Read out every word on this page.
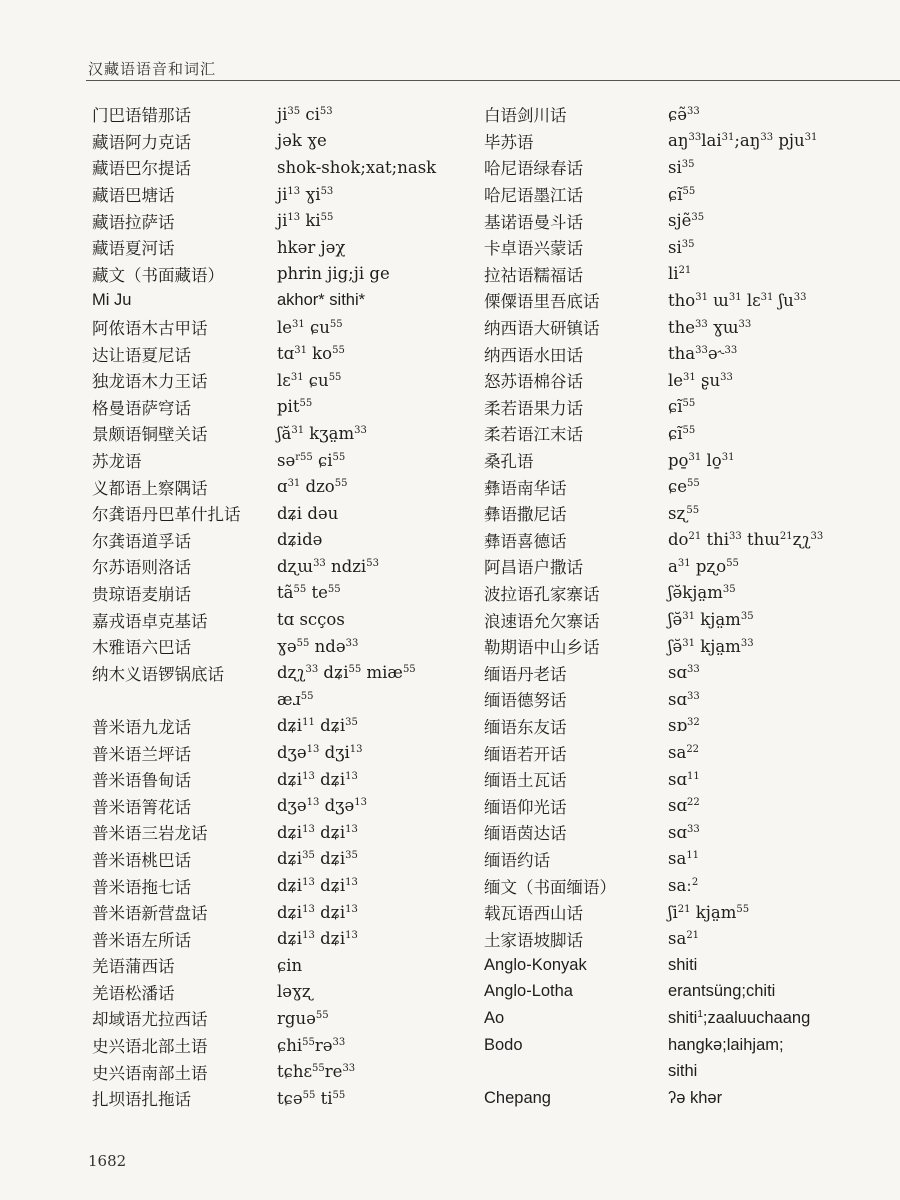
汉藏语语音和词汇
门巴语错那话	$ji^{35}$ $ci^{53}$
藏语阿力克话	jək ɣe
藏语巴尔提话	shok-shok;xat;nask
藏语巴塘话	$ji^{13}$ ɣi$^{53}$
藏语拉萨话	$ji^{13}$ $ki^{55}$
藏语夏河话	hkər jəχ
藏文（书面藏语）	phrin jig;ji ge
Mi Ju	akhor* sithi*
阿侬语木古甲话	$le^{31}$ ɕu$^{55}$
达让语夏尼话	tɑ$^{31}$ $ko^{55}$
独龙语木力王话	lɛ$^{31}$ ɕu$^{55}$
格曼语萨穹话	pit$^{55}$
景颇语铜壁关话	ʃă$^{31}$ $kʒa̤m^{33}$
苏龙语	sə$^{r55}$ ɕi$^{55}$
义都语上察隅话	ɑ$^{31}$ dzo$^{55}$
尔龚语丹巴革什扎话	dʑi dəu
尔龚语道孚话	dʑidə
尔苏语则洛话	dʐɯ$^{33}$ ndzi$^{53}$
贵琼语麦崩话	$tã^{55}$ $te^{55}$
嘉戎语卓克基话	tɑ scços
木雅语六巴话	ɣə$^{55}$ ndə$^{33}$
纳木义语锣锅底话	dʐʅ$^{33}$ dʑi$^{55}$ miæ$^{55}$
æɹ$^{55}$
普米语九龙话	dʑi$^{11}$ dʑi$^{35}$
普米语兰坪话	dʒə$^{13}$ dʒi$^{13}$
普米语鲁甸话	dʑi$^{13}$ dʑi$^{13}$
普米语箐花话	dʒə$^{13}$ dʒə$^{13}$
普米语三岩龙话	dʑi$^{13}$ dʑi$^{13}$
普米语桃巴话	dʑi$^{35}$ dʑi$^{35}$
普米语拖七话	dʑi$^{13}$ dʑi$^{13}$
普米语新营盘话	dʑi$^{13}$ dʑi$^{13}$
普米语左所话	dʑi$^{13}$ dʑi$^{13}$
羌语蒲西话	ɕin
羌语松潘话	ləɣʐ
却域语尤拉西话	rguə$^{55}$
史兴语北部土语	ɕhi$^{55}$rə$^{33}$
史兴语南部土语	$tɕhɛ^{55}re^{33}$
扎坝语扎拖话	tɕə$^{55}$ $ti^{55}$
白语剑川话	ɕə̃$^{33}$
毕苏语	$aŋ^{33}lai^{31};aŋ^{33}$ pju$^{31}$
哈尼语绿春话	$si^{35}$
哈尼语墨江话	ɕĩ$^{55}$
基诺语曼斗话	sjẽ$^{35}$
卡卓语兴蒙话	$si^{35}$
拉祜语糯福话	$li^{21}$
傈僳语里吾底话	tho$^{31}$ ɯ$^{31}$ lɛ$^{31}$ ʃu$^{33}$
纳西语大研镇话	the$^{33}$ ɣɯ$^{33}$
纳西语水田话	tha$^{33}$ə˞$^{33}$
怒苏语棉谷话	$le^{31}$ ʂu$^{33}$
柔若语果力话	ɕĩ$^{55}$
柔若语江末话	ɕĩ$^{55}$
桑孔语	po̱$^{31}$ lo̱$^{31}$
彝语南华话	ɕe$^{55}$
彝语撒尼话	sʐ$^{55}$
彝语喜德话	$do^{21}$ thi$^{33}$ thɯ$^{21}$ʐʅ$^{33}$
阿昌语户撒话	$a^{31}$ pʐo$^{55}$
波拉语孔家寨话	$ʃə̆kja̤m^{35}$
浪速语允欠寨话	ʃə̆$^{31}$ $kja̤m^{35}$
勒期语中山乡话	ʃə̆$^{31}$ $kja̤m^{33}$
缅语丹老话	sɑ$^{33}$
缅语德努话	sɑ$^{33}$
缅语东友话	sɒ$^{32}$
缅语若开话	$sa^{22}$
缅语土瓦话	sɑ$^{11}$
缅语仰光话	sɑ$^{22}$
缅语茵达话	sɑ$^{33}$
缅语约话	$sa^{11}$
缅文（书面缅语）	saː$^2$
载瓦语西山话	ʃi$^{21}$ $kja̤m^{55}$
土家语坡脚话	$sa^{21}$
Anglo-Konyak	shiti
Anglo-Lotha	erantsüng;chiti
Ao	shiti$^1$;zaaluuchaang
Bodo	hangkə;laihjam;
sithi
Chepang	ʔə khər
1682
